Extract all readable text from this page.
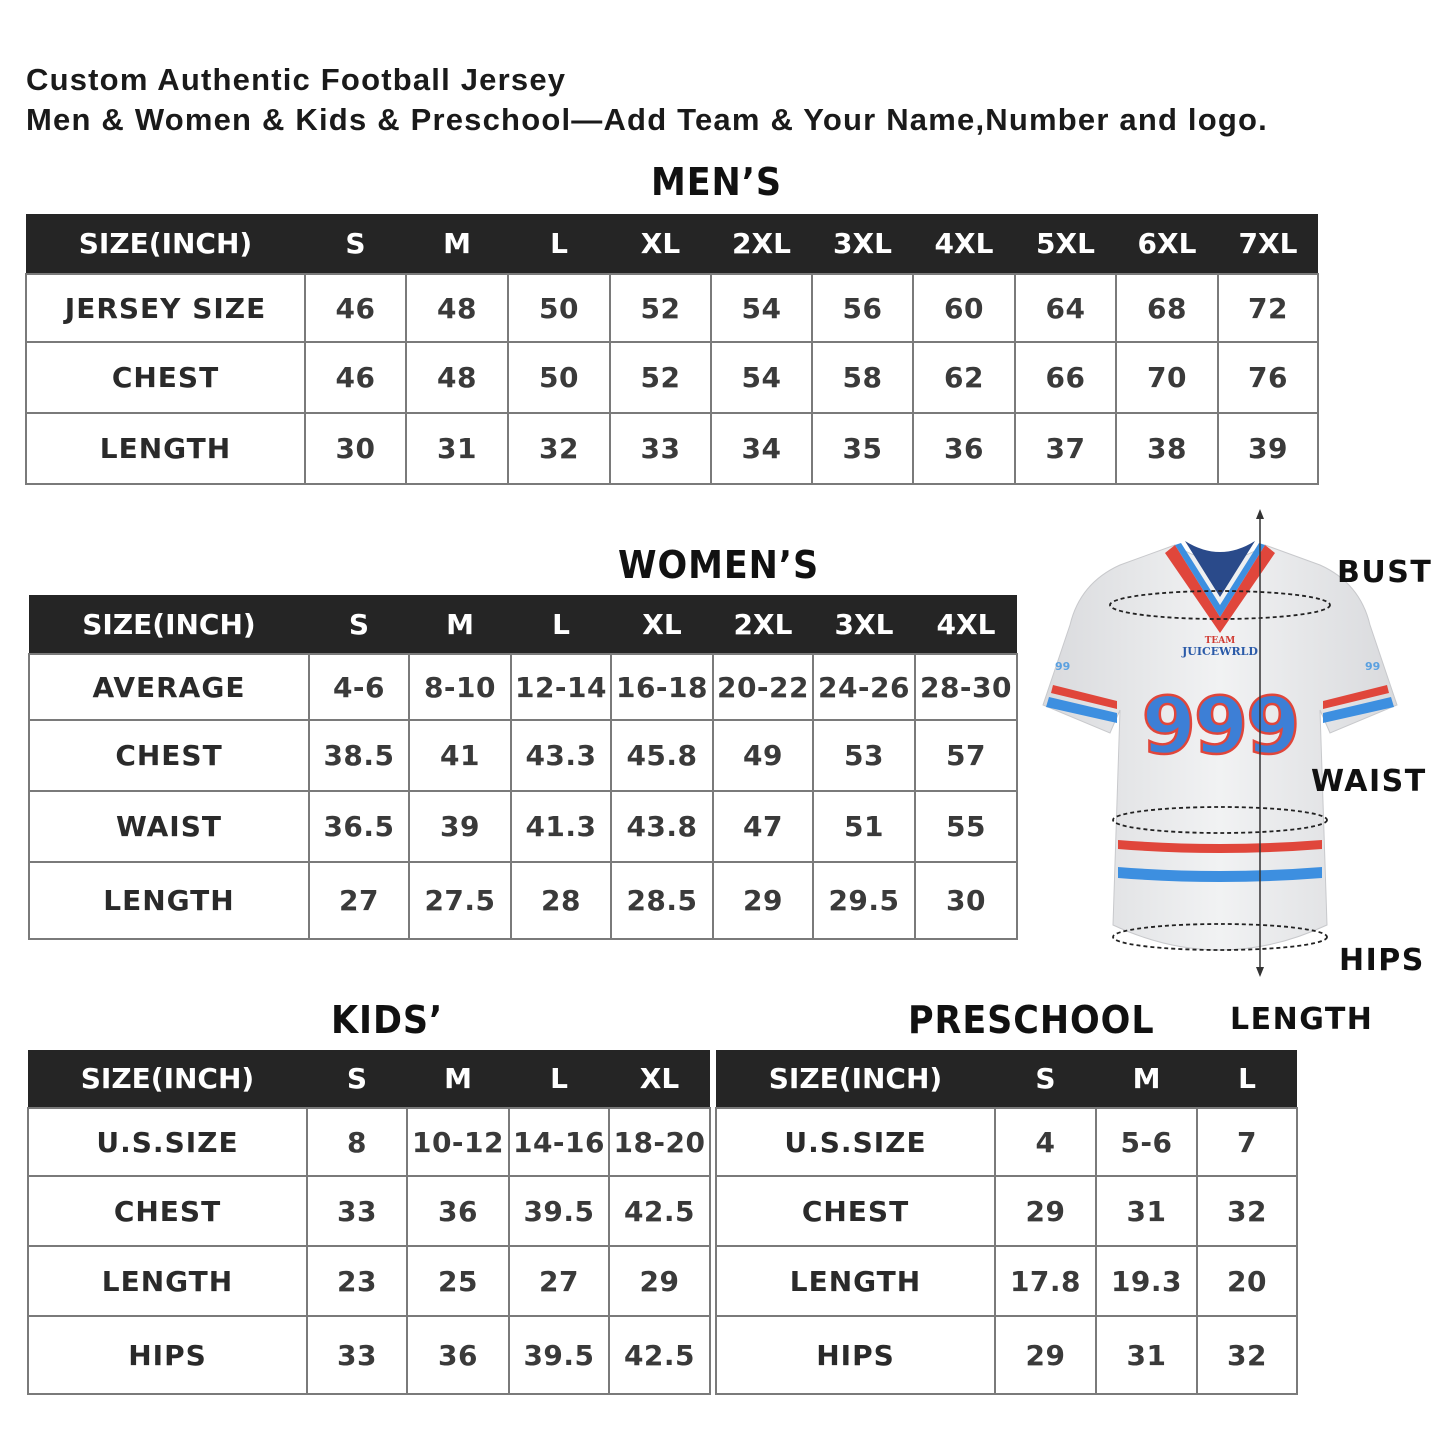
Custom Authentic Football Jersey
Men & Women & Kids & Preschool—Add Team & Your Name,Number and logo.
MEN’S
SIZE(INCH)	S	M	L	XL	2XL	3XL	4XL	5XL	6XL	7XL
JERSEY SIZE	46	48	50	52	54	56	60	64	68	72
CHEST	46	48	50	52	54	58	62	66	70	76
LENGTH	30	31	32	33	34	35	36	37	38	39
WOMEN’S
SIZE(INCH)	S	M	L	XL	2XL	3XL	4XL
AVERAGE	4-6	8-10	12-14	16-18	20-22	24-26	28-30
CHEST	38.5	41	43.3	45.8	49	53	57
WAIST	36.5	39	41.3	43.8	47	51	55
LENGTH	27	27.5	28	28.5	29	29.5	30
KIDS’
SIZE(INCH)	S	M	L	XL
U.S.SIZE	8	10-12	14-16	18-20
CHEST	33	36	39.5	42.5
LENGTH	23	25	27	29
HIPS	33	36	39.5	42.5
PRESCHOOL
SIZE(INCH)	S	M	L
U.S.SIZE	4	5-6	7
CHEST	29	31	32
LENGTH	17.8	19.3	20
HIPS	29	31	32
TEAM
JUICEWRLD
999
99	99
BUST
WAIST
HIPS
LENGTH
